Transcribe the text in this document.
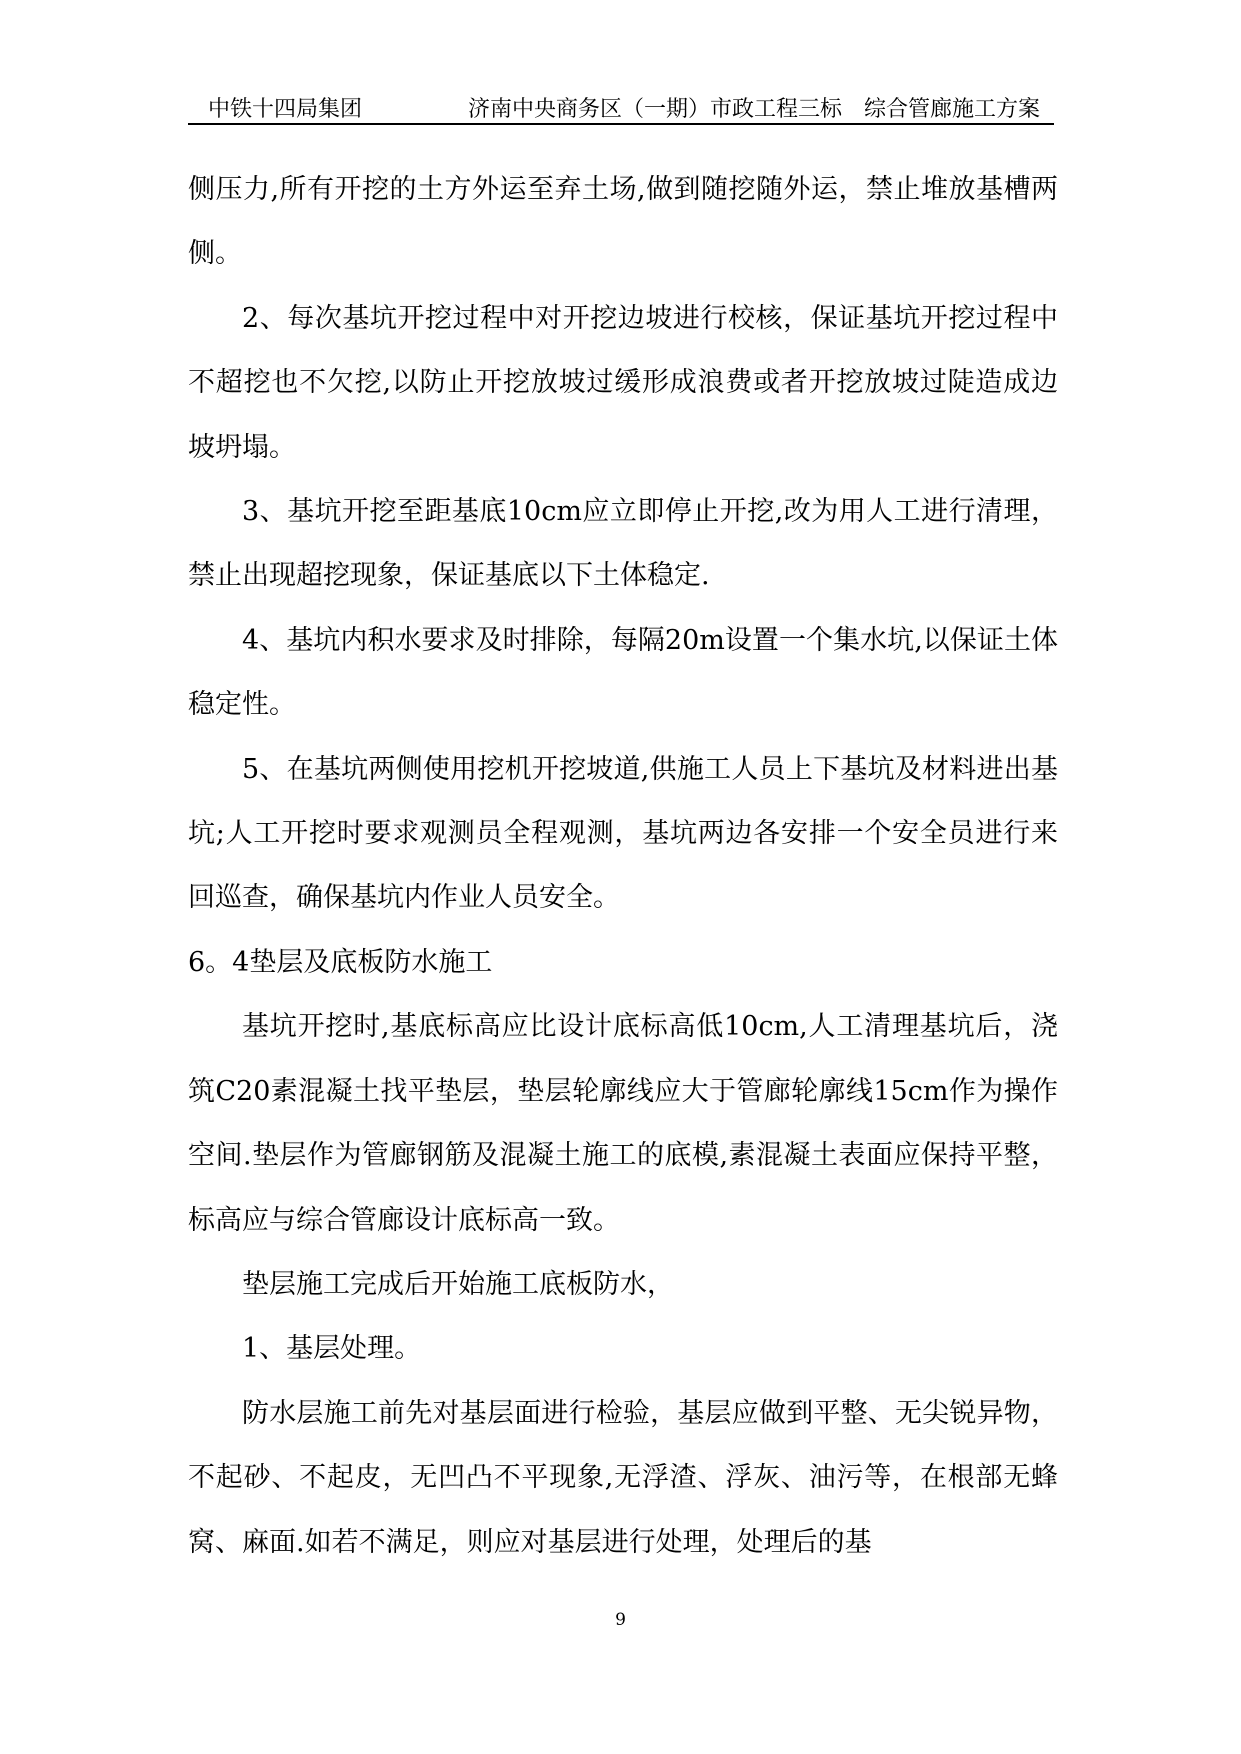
中铁十四局集团	济南中央商务区（一期）市政工程三标　综合管廊施工方案

侧压力,所有开挖的土方外运至弃土场,做到随挖随外运，禁止堆放基槽两侧。

2、每次基坑开挖过程中对开挖边坡进行校核，保证基坑开挖过程中不超挖也不欠挖,以防止开挖放坡过缓形成浪费或者开挖放坡过陡造成边坡坍塌。

3、基坑开挖至距基底10cm应立即停止开挖,改为用人工进行清理，禁止出现超挖现象，保证基底以下土体稳定.

4、基坑内积水要求及时排除，每隔20m设置一个集水坑,以保证土体稳定性。

5、在基坑两侧使用挖机开挖坡道,供施工人员上下基坑及材料进出基坑;人工开挖时要求观测员全程观测，基坑两边各安排一个安全员进行来回巡查，确保基坑内作业人员安全。

6。4垫层及底板防水施工

基坑开挖时,基底标高应比设计底标高低10cm,人工清理基坑后，浇筑C20素混凝土找平垫层，垫层轮廓线应大于管廊轮廓线15cm作为操作空间.垫层作为管廊钢筋及混凝土施工的底模,素混凝土表面应保持平整，标高应与综合管廊设计底标高一致。

垫层施工完成后开始施工底板防水，

1、基层处理。

防水层施工前先对基层面进行检验，基层应做到平整、无尖锐异物，不起砂、不起皮，无凹凸不平现象,无浮渣、浮灰、油污等，在根部无蜂窝、麻面.如若不满足，则应对基层进行处理，处理后的基

9
